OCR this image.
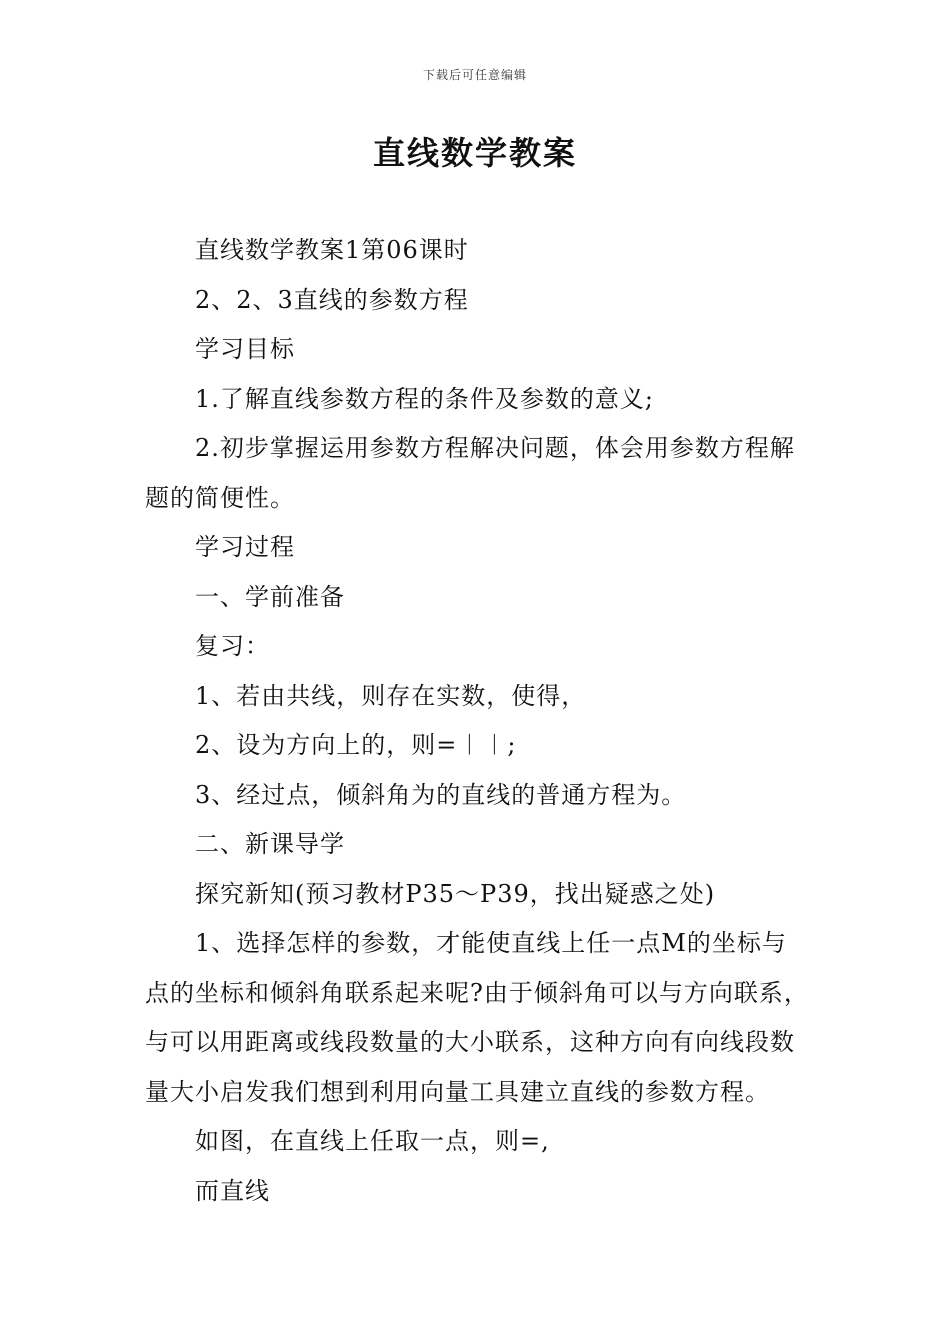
下载后可任意编辑
直线数学教案

直线数学教案1第06课时

2、2、3直线的参数方程

学习目标

1.了解直线参数方程的条件及参数的意义;

2.初步掌握运用参数方程解决问题，体会用参数方程解题的简便性。

学习过程

一、学前准备

复习：

1、若由共线，则存在实数，使得，

2、设为方向上的，则=︱︱;

3、经过点，倾斜角为的直线的普通方程为。

二、新课导学

探究新知(预习教材P35～P39，找出疑惑之处)

1、选择怎样的参数，才能使直线上任一点M的坐标与点的坐标和倾斜角联系起来呢?由于倾斜角可以与方向联系，与可以用距离或线段数量的大小联系，这种方向有向线段数量大小启发我们想到利用向量工具建立直线的参数方程。

如图，在直线上任取一点，则=,

而直线
